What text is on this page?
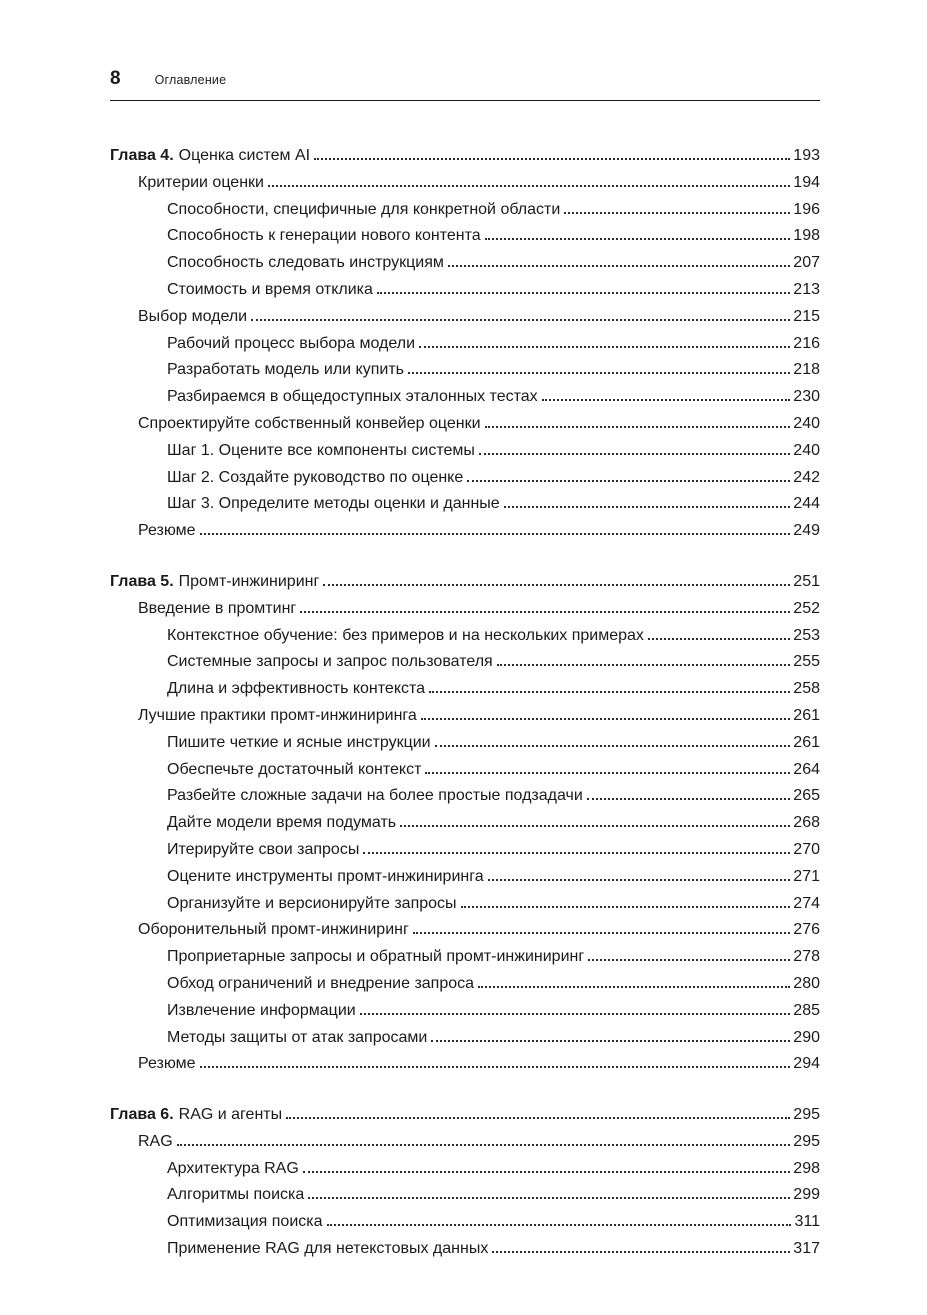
8	Оглавление
Глава 4. Оценка систем AI	193
Критерии оценки	194
Способности, специфичные для конкретной области	196
Способность к генерации нового контента	198
Способность следовать инструкциям	207
Стоимость и время отклика	213
Выбор модели	215
Рабочий процесс выбора модели	216
Разработать модель или купить	218
Разбираемся в общедоступных эталонных тестах	230
Спроектируйте собственный конвейер оценки	240
Шаг 1. Оцените все компоненты системы	240
Шаг 2. Создайте руководство по оценке	242
Шаг 3. Определите методы оценки и данные	244
Резюме	249
Глава 5. Промт-инжиниринг	251
Введение в промтинг	252
Контекстное обучение: без примеров и на нескольких примерах	253
Системные запросы и запрос пользователя	255
Длина и эффективность контекста	258
Лучшие практики промт-инжиниринга	261
Пишите четкие и ясные инструкции	261
Обеспечьте достаточный контекст	264
Разбейте сложные задачи на более простые подзадачи	265
Дайте модели время подумать	268
Итерируйте свои запросы	270
Оцените инструменты промт-инжиниринга	271
Организуйте и версионируйте запросы	274
Оборонительный промт-инжиниринг	276
Проприетарные запросы и обратный промт-инжиниринг	278
Обход ограничений и внедрение запроса	280
Извлечение информации	285
Методы защиты от атак запросами	290
Резюме	294
Глава 6. RAG и агенты	295
RAG	295
Архитектура RAG	298
Алгоритмы поиска	299
Оптимизация поиска	311
Применение RAG для нетекстовых данных	317
